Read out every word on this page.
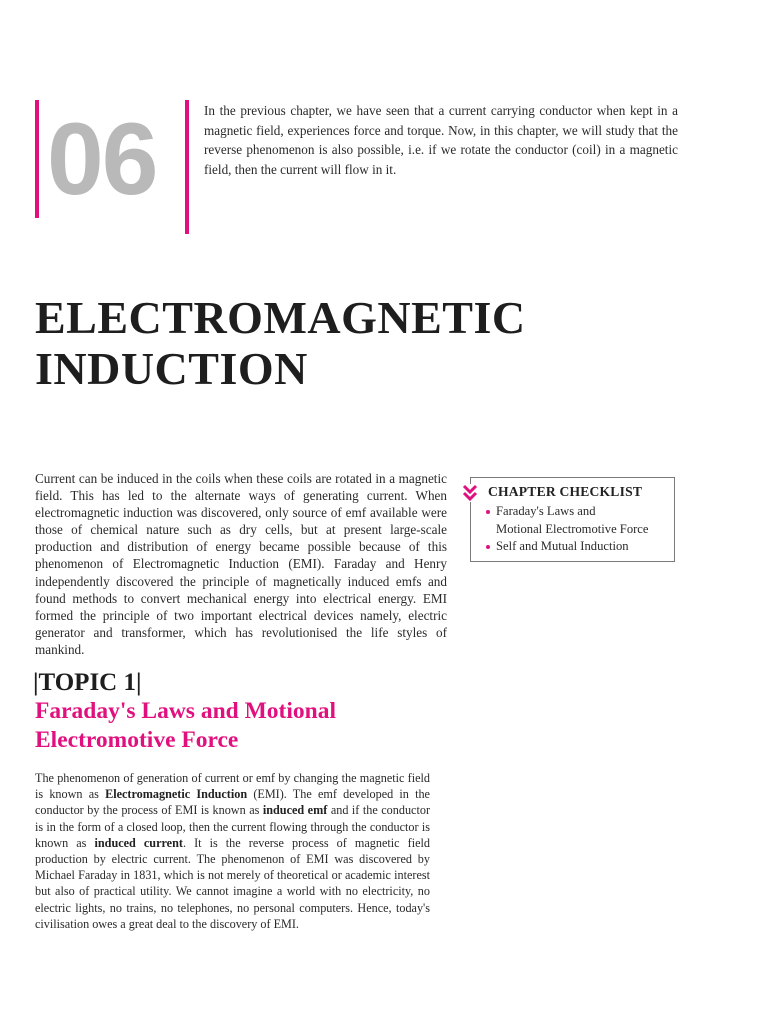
06	In the previous chapter, we have seen that a current carrying conductor when kept in a magnetic field, experiences force and torque. Now, in this chapter, we will study that the reverse phenomenon is also possible, i.e. if we rotate the conductor (coil) in a magnetic field, then the current will flow in it.
ELECTROMAGNETIC
INDUCTION

Current can be induced in the coils when these coils are rotated in a magnetic field. This has led to the alternate ways of generating current. When electromagnetic induction was discovered, only source of emf available were those of chemical nature such as dry cells, but at present large-scale production and distribution of energy became possible because of this phenomenon of Electromagnetic Induction (EMI). Faraday and Henry independently discovered the principle of magnetically induced emfs and found methods to convert mechanical energy into electrical energy. EMI formed the principle of two important electrical devices namely, electric generator and transformer, which has revolutionised the life styles of mankind.

CHAPTER CHECKLIST
Faraday's Laws and
Motional Electromotive Force
Self and Mutual Induction
|TOPIC 1|
Faraday's Laws and Motional
Electromotive Force

The phenomenon of generation of current or emf by changing the magnetic field is known as Electromagnetic Induction (EMI). The emf developed in the conductor by the process of EMI is known as induced emf and if the conductor is in the form of a closed loop, then the current flowing through the conductor is known as induced current. It is the reverse process of magnetic field production by electric current. The phenomenon of EMI was discovered by Michael Faraday in 1831, which is not merely of theoretical or academic interest but also of practical utility. We cannot imagine a world with no electricity, no electric lights, no trains, no telephones, no personal computers. Hence, today's civilisation owes a great deal to the discovery of EMI.
